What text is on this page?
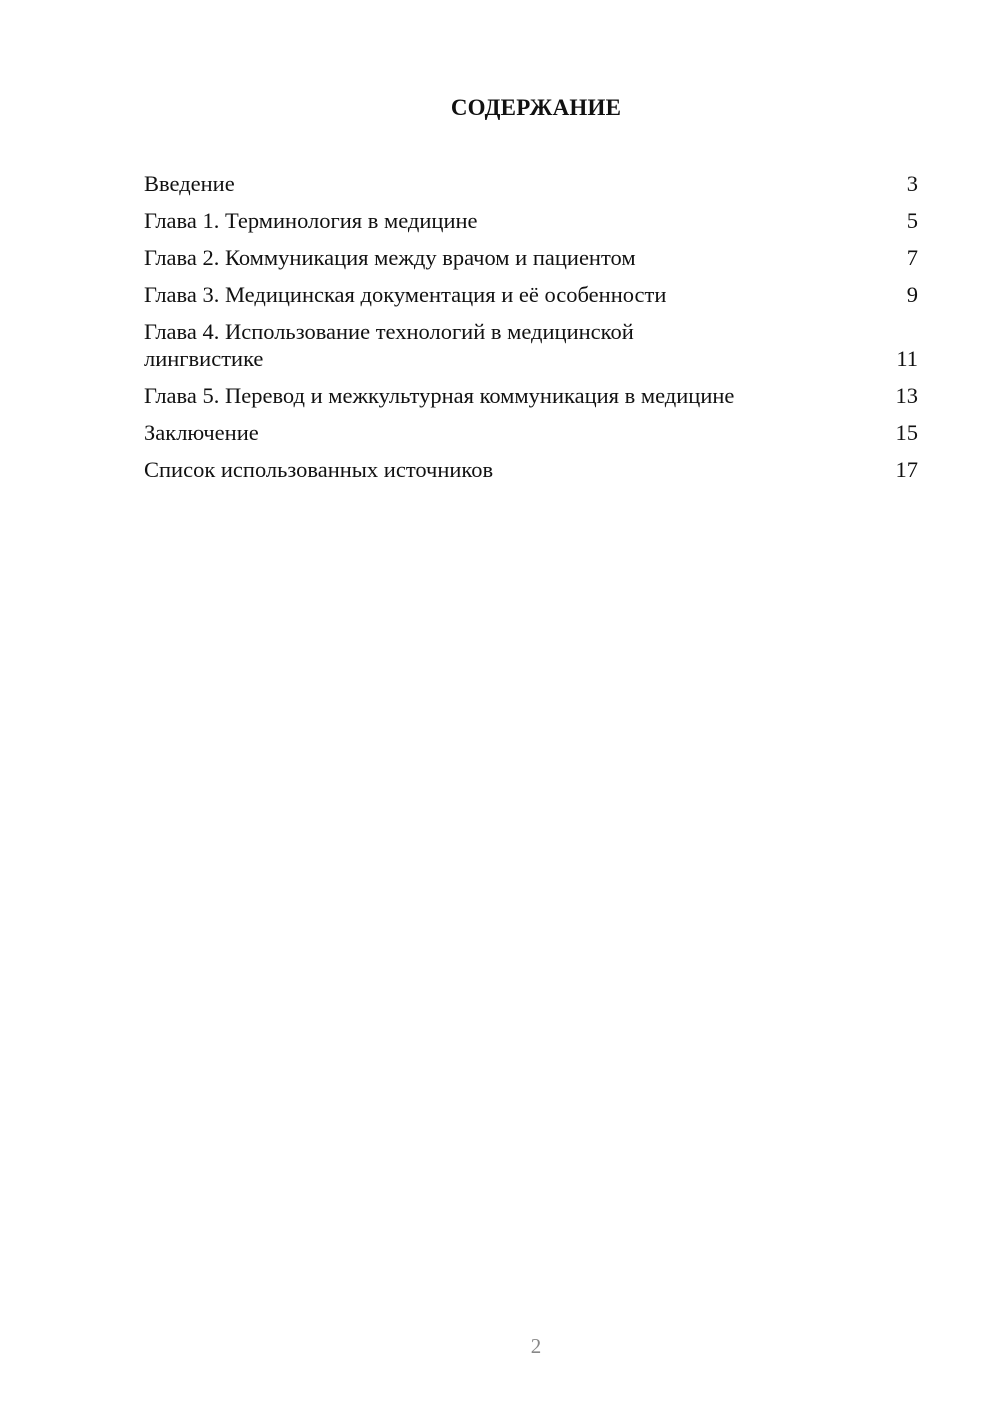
СОДЕРЖАНИЕ
Введение	3
Глава 1. Терминология в медицине	5
Глава 2. Коммуникация между врачом и пациентом	7
Глава 3. Медицинская документация и её особенности	9
Глава 4. Использование технологий в медицинской лингвистике	11
Глава 5. Перевод и межкультурная коммуникация в медицине	13
Заключение	15
Список использованных источников	17
2
